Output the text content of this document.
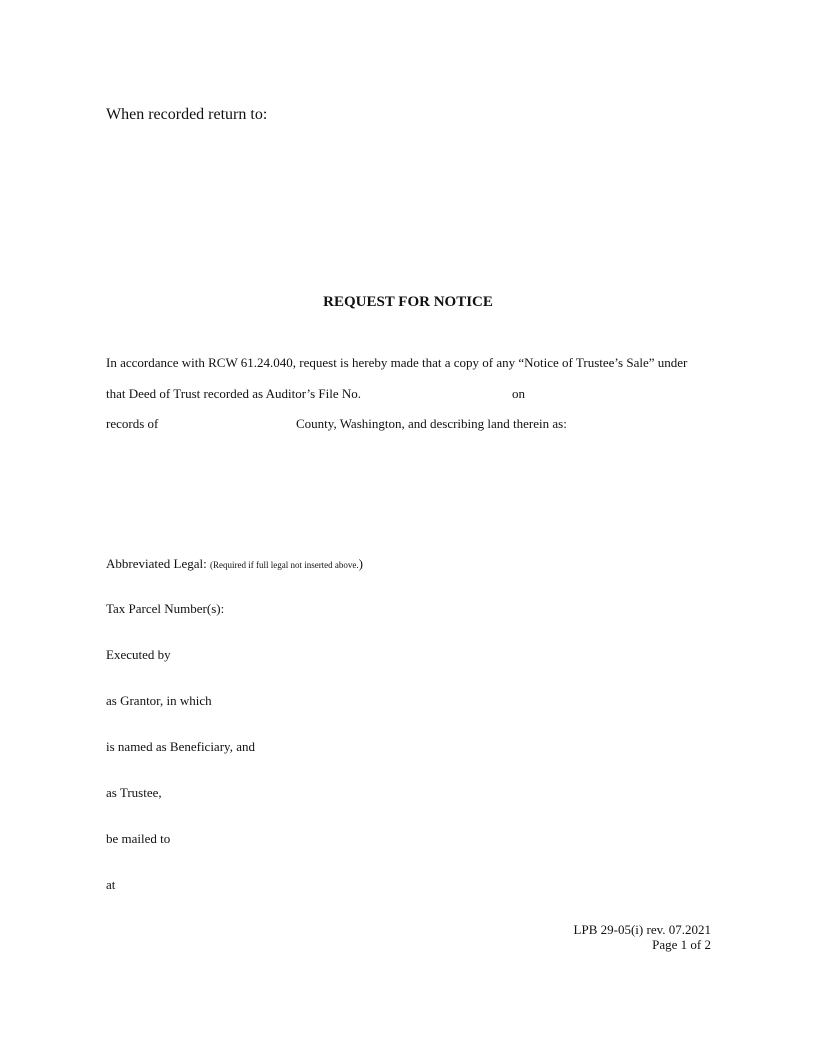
When recorded return to:
REQUEST FOR NOTICE
In accordance with RCW 61.24.040, request is hereby made that a copy of any “Notice of Trustee’s Sale” under
that Deed of Trust recorded as Auditor’s File No.	on
records of	County, Washington, and describing land therein as:
Abbreviated Legal: (Required if full legal not inserted above.)
Tax Parcel Number(s):
Executed by
as Grantor, in which
is named as Beneficiary, and
as Trustee,
be mailed to
at
LPB 29-05(i) rev. 07.2021
Page 1 of 2
